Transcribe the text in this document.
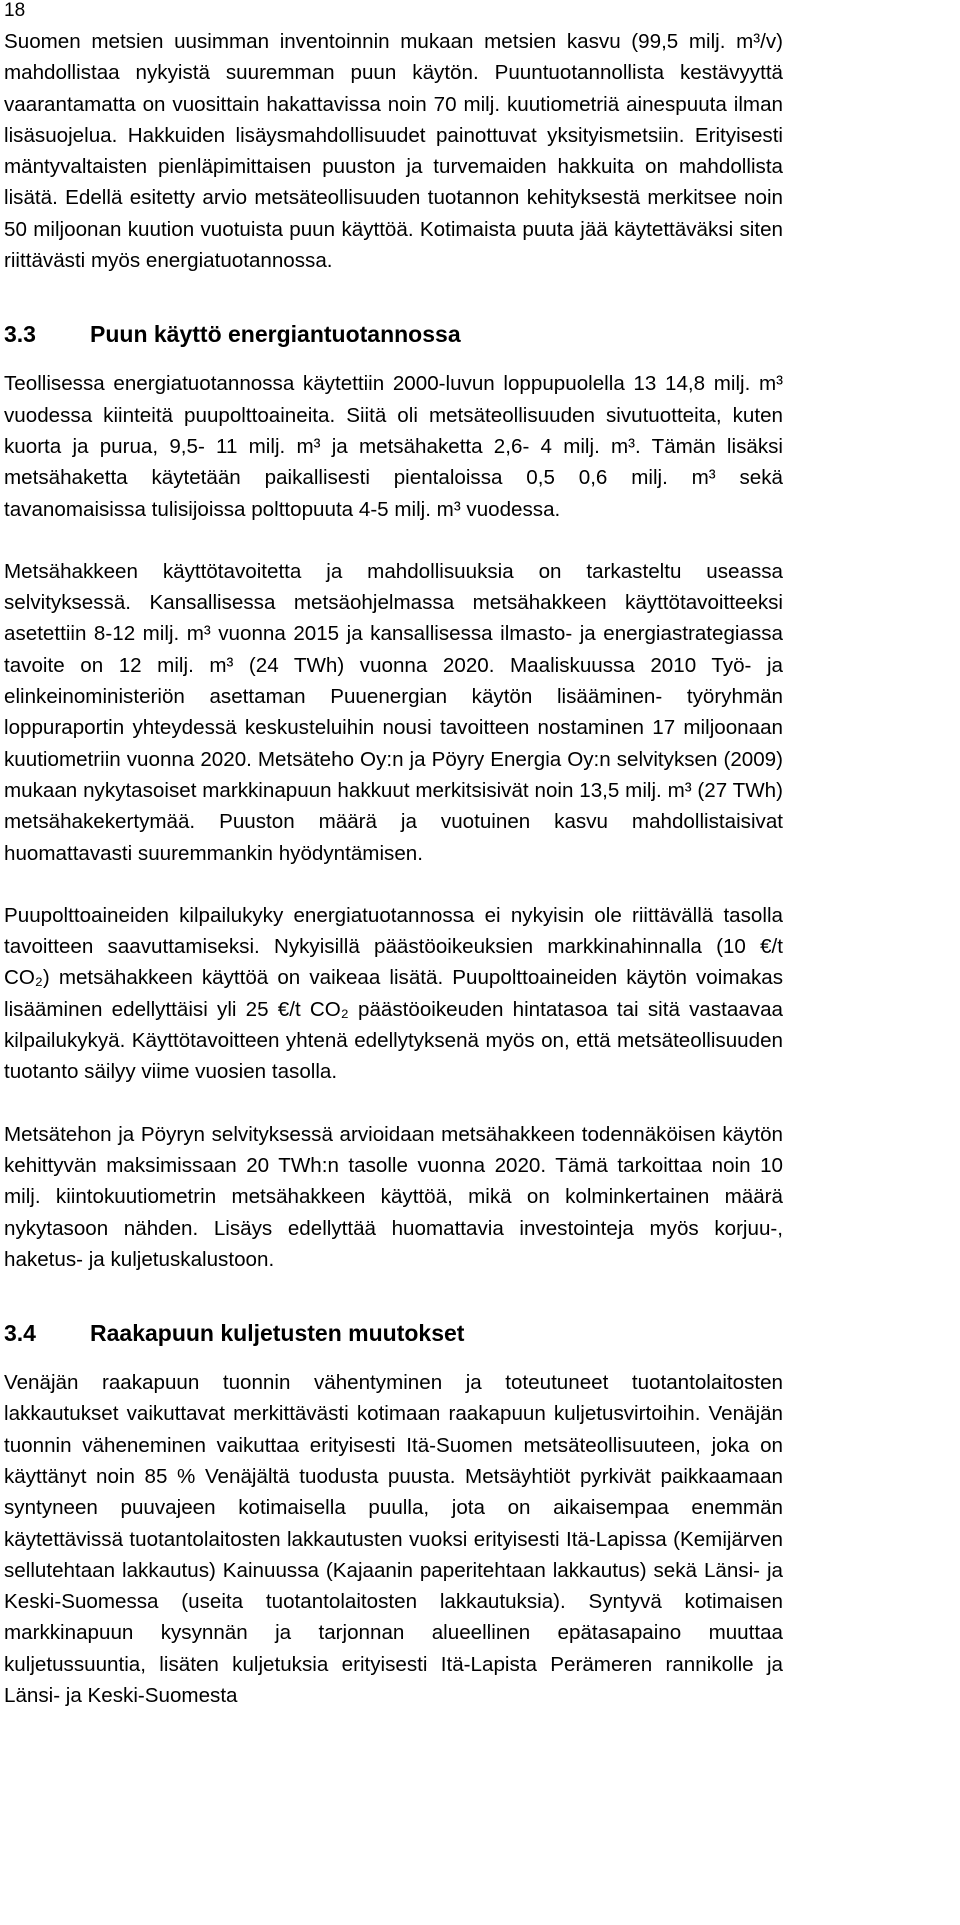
18

Suomen metsien uusimman inventoinnin mukaan metsien kasvu (99,5 milj. m³/v) mahdollistaa nykyistä suuremman puun käytön. Puuntuotannollista kestävyyttä vaarantamatta on vuosittain hakattavissa noin 70 milj. kuutiometriä ainespuuta ilman lisäsuojelua. Hakkuiden lisäysmahdollisuudet painottuvat yksityismetsiin. Erityisesti mäntyvaltaisten pienläpimittaisen puuston ja turvemaiden hakkuita on mahdollista lisätä. Edellä esitetty arvio metsäteollisuuden tuotannon kehityksestä merkitsee noin 50 miljoonan kuution vuotuista puun käyttöä. Kotimaista puuta jää käytettäväksi siten riittävästi myös energiatuotannossa.

3.3	Puun käyttö energiantuotannossa

Teollisessa energiatuotannossa käytettiin 2000-luvun loppupuolella 13 14,8 milj. m³ vuodessa kiinteitä puupolttoaineita. Siitä oli metsäteollisuuden sivutuotteita, kuten kuorta ja purua, 9,5- 11 milj. m³ ja metsähaketta 2,6- 4 milj. m³. Tämän lisäksi metsähaketta käytetään paikallisesti pientaloissa 0,5 0,6 milj. m³ sekä tavanomaisissa tulisijoissa polttopuuta 4-5 milj. m³ vuodessa.

Metsähakkeen käyttötavoitetta ja mahdollisuuksia on tarkasteltu useassa selvityksessä. Kansallisessa metsäohjelmassa metsähakkeen käyttötavoitteeksi asetettiin 8-12 milj. m³ vuonna 2015 ja kansallisessa ilmasto- ja energiastrategiassa tavoite on 12 milj. m³ (24 TWh) vuonna 2020. Maaliskuussa 2010 Työ- ja elinkeinoministeriön asettaman Puuenergian käytön lisääminen- työryhmän loppuraportin yhteydessä keskusteluihin nousi tavoitteen nostaminen 17 miljoonaan kuutiometriin vuonna 2020. Metsäteho Oy:n ja Pöyry Energia Oy:n selvityksen (2009) mukaan nykytasoiset markkinapuun hakkuut merkitsisivät noin 13,5 milj. m³ (27 TWh) metsähakekertymää. Puuston määrä ja vuotuinen kasvu mahdollistaisivat huomattavasti suuremmankin hyödyntämisen.

Puupolttoaineiden kilpailukyky energiatuotannossa ei nykyisin ole riittävällä tasolla tavoitteen saavuttamiseksi. Nykyisillä päästöoikeuksien markkinahinnalla (10 €/t CO₂) metsähakkeen käyttöä on vaikeaa lisätä. Puupolttoaineiden käytön voimakas lisääminen edellyttäisi yli 25 €/t CO₂ päästöoikeuden hintatasoa tai sitä vastaavaa kilpailukykyä. Käyttötavoitteen yhtenä edellytyksenä myös on, että metsäteollisuuden tuotanto säilyy viime vuosien tasolla.

Metsätehon ja Pöyryn selvityksessä arvioidaan metsähakkeen todennäköisen käytön kehittyvän maksimissaan 20 TWh:n tasolle vuonna 2020. Tämä tarkoittaa noin 10 milj. kiintokuutiometrin metsähakkeen käyttöä, mikä on kolminkertainen määrä nykytasoon nähden. Lisäys edellyttää huomattavia investointeja myös korjuu-, haketus- ja kuljetuskalustoon.

3.4	Raakapuun kuljetusten muutokset

Venäjän raakapuun tuonnin vähentyminen ja toteutuneet tuotantolaitosten lakkautukset vaikuttavat merkittävästi kotimaan raakapuun kuljetusvirtoihin. Venäjän tuonnin väheneminen vaikuttaa erityisesti Itä-Suomen metsäteollisuuteen, joka on käyttänyt noin 85 % Venäjältä tuodusta puusta. Metsäyhtiöt pyrkivät paikkaamaan syntyneen puuvajeen kotimaisella puulla, jota on aikaisempaa enemmän käytettävissä tuotantolaitosten lakkautusten vuoksi erityisesti Itä-Lapissa (Kemijärven sellutehtaan lakkautus) Kainuussa (Kajaanin paperitehtaan lakkautus) sekä Länsi- ja Keski-Suomessa (useita tuotantolaitosten lakkautuksia). Syntyvä kotimaisen markkinapuun kysynnän ja tarjonnan alueellinen epätasapaino muuttaa kuljetussuuntia, lisäten kuljetuksia erityisesti Itä-Lapista Perämeren rannikolle ja Länsi- ja Keski-Suomesta
